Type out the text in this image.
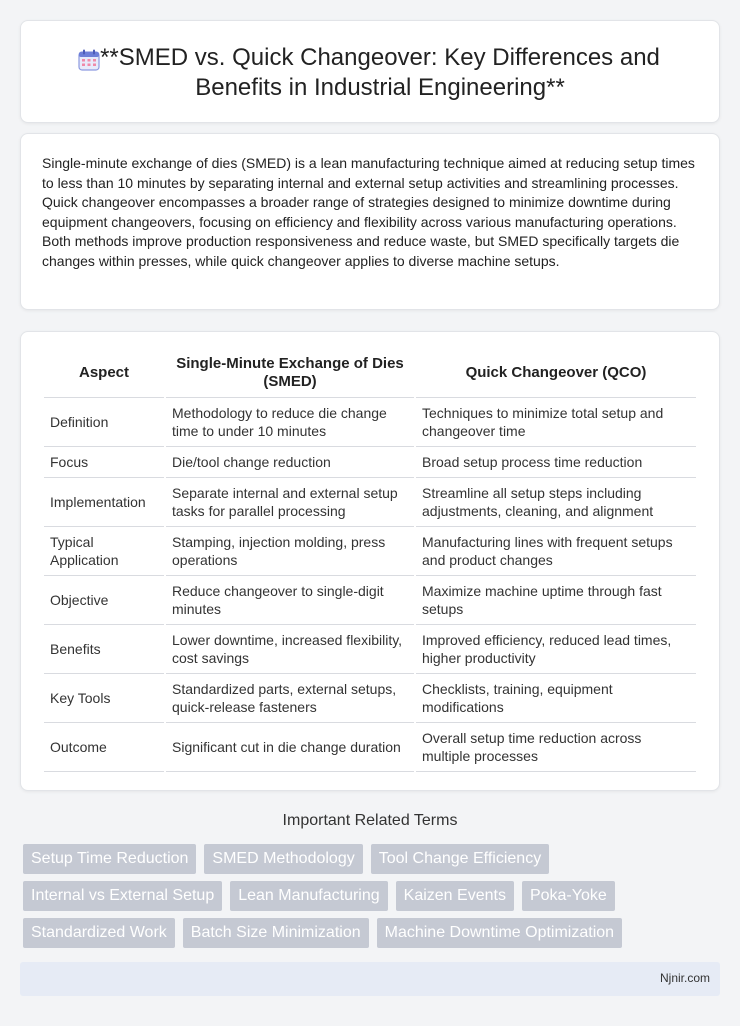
**SMED vs. Quick Changeover: Key Differences and Benefits in Industrial Engineering**

Single-minute exchange of dies (SMED) is a lean manufacturing technique aimed at reducing setup times to less than 10 minutes by separating internal and external setup activities and streamlining processes. Quick changeover encompasses a broader range of strategies designed to minimize downtime during equipment changeovers, focusing on efficiency and flexibility across various manufacturing operations. Both methods improve production responsiveness and reduce waste, but SMED specifically targets die changes within presses, while quick changeover applies to diverse machine setups.

Aspect	Single-Minute Exchange of Dies (SMED)	Quick Changeover (QCO)
Definition	Methodology to reduce die change time to under 10 minutes	Techniques to minimize total setup and changeover time
Focus	Die/tool change reduction	Broad setup process time reduction
Implementation	Separate internal and external setup tasks for parallel processing	Streamline all setup steps including adjustments, cleaning, and alignment
Typical Application	Stamping, injection molding, press operations	Manufacturing lines with frequent setups and product changes
Objective	Reduce changeover to single-digit minutes	Maximize machine uptime through fast setups
Benefits	Lower downtime, increased flexibility, cost savings	Improved efficiency, reduced lead times, higher productivity
Key Tools	Standardized parts, external setups, quick-release fasteners	Checklists, training, equipment modifications
Outcome	Significant cut in die change duration	Overall setup time reduction across multiple processes
Important Related Terms
Setup Time Reduction	SMED Methodology	Tool Change Efficiency
Internal vs External Setup	Lean Manufacturing	Kaizen Events	Poka-Yoke
Standardized Work	Batch Size Minimization	Machine Downtime Optimization
Njnir.com
